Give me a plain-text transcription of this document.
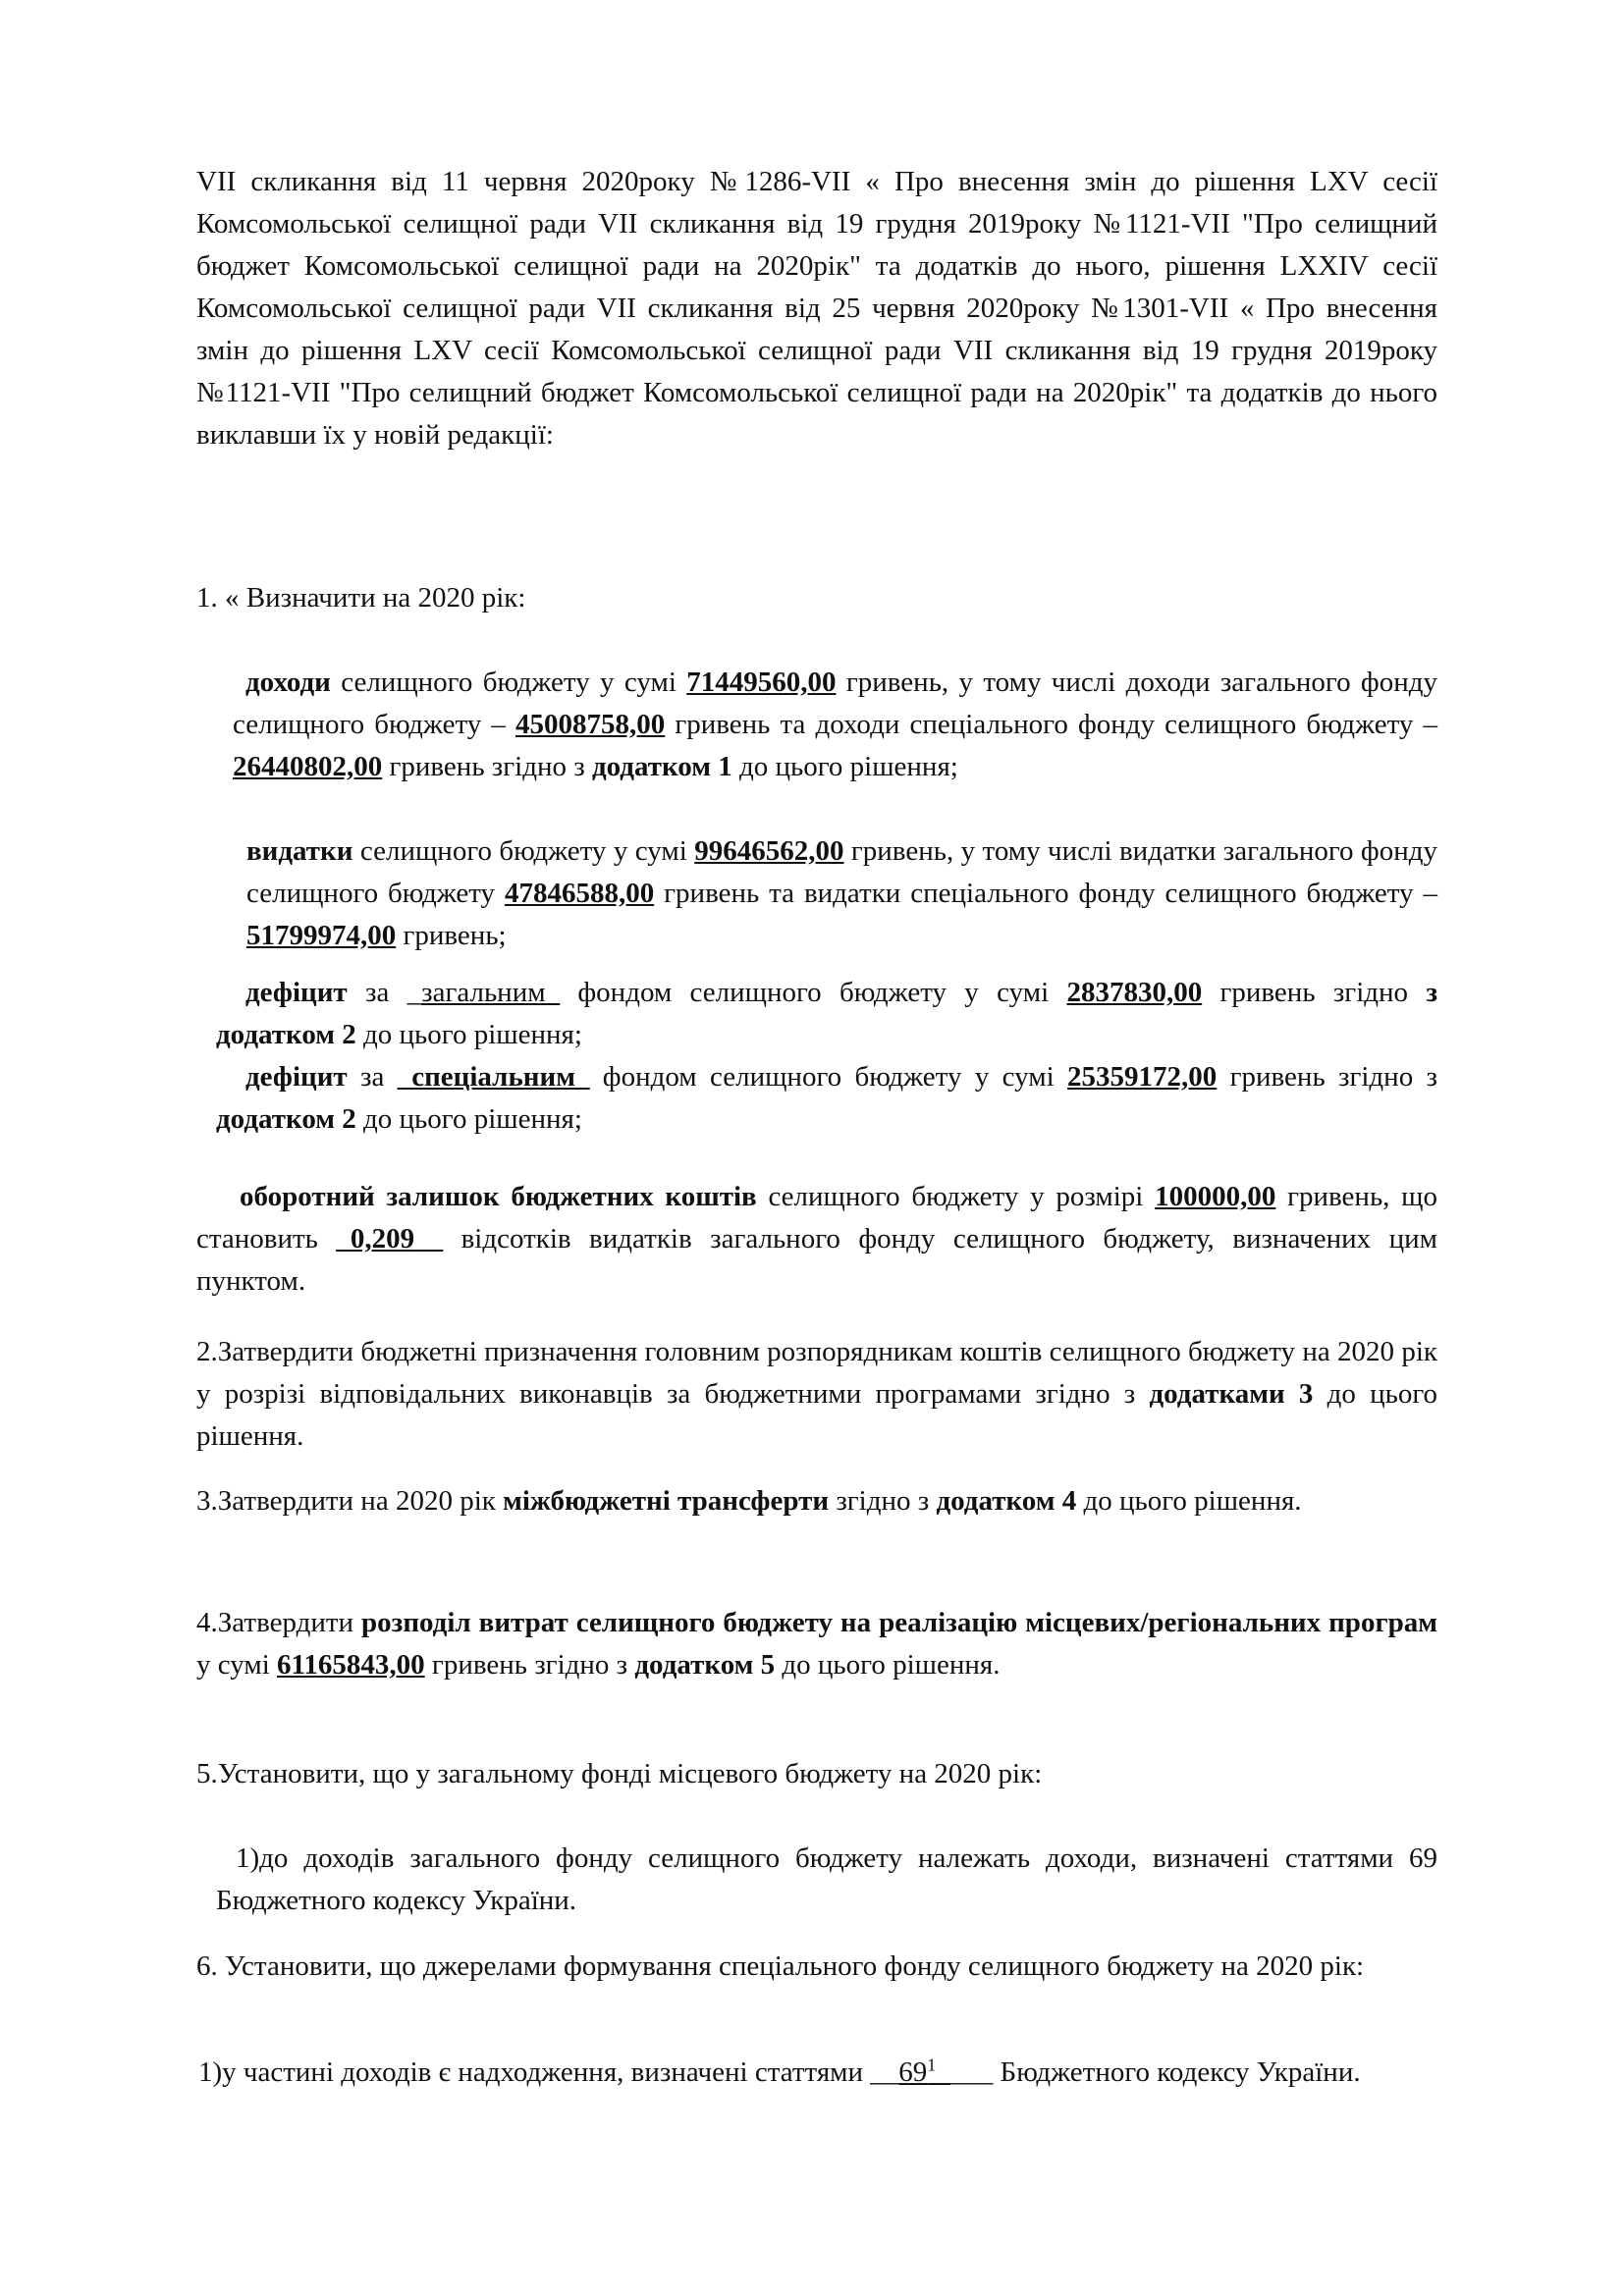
VII скликання від 11 червня 2020року №1286-VII « Про внесення змін до рішення LXV сесії Комсомольської селищної ради VII скликання від 19 грудня 2019року №1121-VII "Про селищний бюджет Комсомольської селищної ради на 2020рік" та додатків до нього, рішення LXXIV сесії Комсомольської селищної ради VII скликання від 25 червня 2020року №1301-VII « Про внесення змін до рішення LXV сесії Комсомольської селищної ради VII скликання від 19 грудня 2019року №1121-VII "Про селищний бюджет Комсомольської селищної ради на 2020рік" та додатків до нього виклавши їх у новій редакції:

1. « Визначити на 2020 рік:

доходи селищного бюджету у сумі 71449560,00 гривень, у тому числі доходи загального фонду селищного бюджету – 45008758,00 гривень та доходи спеціального фонду селищного бюджету – 26440802,00 гривень згідно з додатком 1 до цього рішення;

видатки селищного бюджету у сумі 99646562,00 гривень, у тому числі видатки загального фонду селищного бюджету 47846588,00 гривень та видатки спеціального фонду селищного бюджету – 51799974,00 гривень;

дефіцит за _загальним_ фондом селищного бюджету у сумі 2837830,00 гривень згідно з додатком 2 до цього рішення;

дефіцит за _спеціальним_ фондом селищного бюджету у сумі 25359172,00 гривень згідно з додатком 2 до цього рішення;

оборотний залишок бюджетних коштів селищного бюджету у розмірі 100000,00 гривень, що становить _0,209__ відсотків видатків загального фонду селищного бюджету, визначених цим пунктом.

2.Затвердити бюджетні призначення головним розпорядникам коштів селищного бюджету на 2020 рік у розрізі відповідальних виконавців за бюджетними програмами згідно з додатками 3 до цього рішення.

3.Затвердити на 2020 рік міжбюджетні трансферти згідно з додатком 4 до цього рішення.

4.Затвердити розподіл витрат селищного бюджету на реалізацію місцевих/регіональних програм у сумі 61165843,00 гривень згідно з додатком 5 до цього рішення.

5.Установити, що у загальному фонді місцевого бюджету на 2020 рік:

1)до доходів загального фонду селищного бюджету належать доходи, визначені статтями 69 Бюджетного кодексу України.

6. Установити, що джерелами формування спеціального фонду селищного бюджету на 2020 рік:

1)у частині доходів є надходження, визначені статтями $\_\_69^1\_\_\_\_$ Бюджетного кодексу України.
